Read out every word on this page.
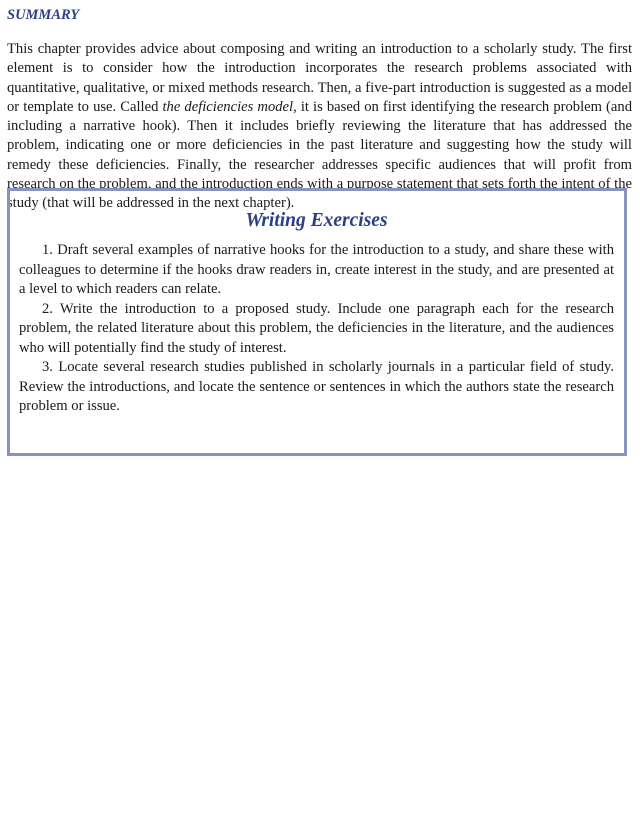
SUMMARY

This chapter provides advice about composing and writing an introduction to a scholarly study. The first element is to consider how the introduction incorporates the research problems associated with quantitative, qualitative, or mixed methods research. Then, a five-part introduction is suggested as a model or template to use. Called the deficiencies model, it is based on first identifying the research problem (and including a narrative hook). Then it includes briefly reviewing the literature that has addressed the problem, indicating one or more deficiencies in the past literature and suggesting how the study will remedy these deficiencies. Finally, the researcher addresses specific audiences that will profit from research on the problem, and the introduction ends with a purpose statement that sets forth the intent of the study (that will be addressed in the next chapter).

Writing Exercises
1. Draft several examples of narrative hooks for the introduction to a study, and share these with colleagues to determine if the hooks draw readers in, create interest in the study, and are presented at a level to which readers can relate.
2. Write the introduction to a proposed study. Include one paragraph each for the research problem, the related literature about this problem, the deficiencies in the literature, and the audiences who will potentially find the study of interest.
3. Locate several research studies published in scholarly journals in a particular field of study. Review the introductions, and locate the sentence or sentences in which the authors state the research problem or issue.
